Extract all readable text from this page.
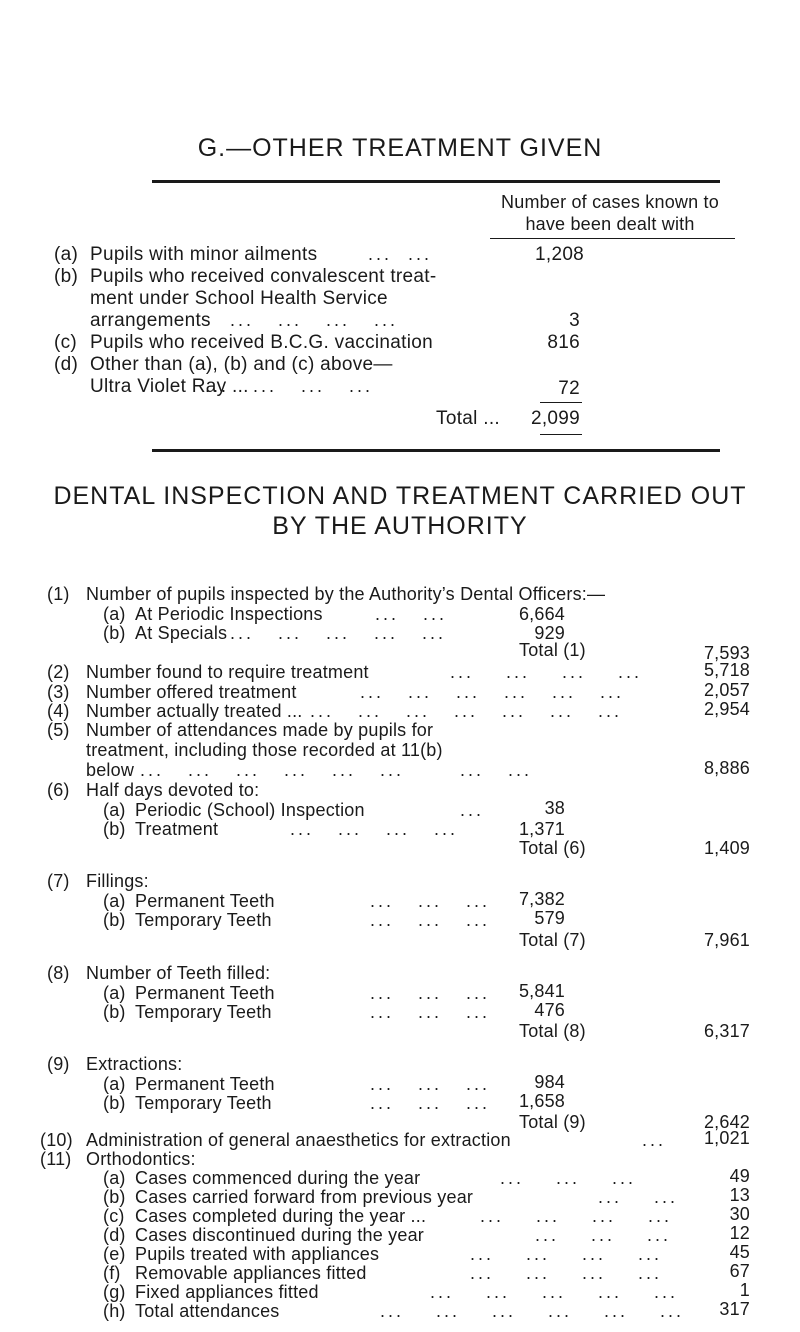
G.—OTHER TREATMENT GIVEN
Number of cases known to
have been dealt with
(a) Pupils with minor ailments	...  ...	1,208
(b) Pupils who received convalescent treat-
ment under School Health Service
arrangements ...   ...   ...   ...	3
(c) Pupils who received B.C.G. vaccination	816
(d) Other than (a), (b) and (c) above—
Ultra Violet Ray ...
...   ...   ...   ...	72
Total ...	2,099
DENTAL INSPECTION AND TREATMENT CARRIED OUT
BY THE AUTHORITY
(1) Number of pupils inspected by the Authority’s Dental Officers:—
(a) At Periodic Inspections	...   ...	6,664
(b) At Specials ...   ...   ...   ...   ...	929
Total (1)	7,593
(2) Number found to require treatment	...    ...    ...    ...	5,718
(3) Number offered treatment	...   ...   ...   ...   ...   ...	2,057
(4) Number actually treated ... ...   ...   ...   ...   ...   ...   ...	2,954
(5) Number of attendances made by pupils for
treatment, including those recorded at 11(b)
below ...   ...   ...   ...   ...   ...       ...   ...	8,886
(6) Half days devoted to:
(a) Periodic (School) Inspection	...	38
(b) Treatment	...   ...   ...   ...	1,371
Total (6)	1,409
(7) Fillings:
(a) Permanent Teeth	...   ...   ...	7,382
(b) Temporary Teeth	...   ...   ...	579
Total (7)	7,961
(8) Number of Teeth filled:
(a) Permanent Teeth	...   ...   ...	5,841
(b) Temporary Teeth	...   ...   ...	476
Total (8)	6,317
(9) Extractions:
(a) Permanent Teeth	...   ...   ...	984
(b) Temporary Teeth	...   ...   ...	1,658
Total (9)	2,642
(10) Administration of general anaesthetics for extraction	...	1,021
(11) Orthodontics:
(a) Cases commenced during the year	...    ...    ...	49
(b) Cases carried forward from previous year	...    ...	13
(c) Cases completed during the year ...	...    ...    ...    ...	30
(d) Cases discontinued during the year	...    ...    ...	12
(e) Pupils treated with appliances	...    ...    ...    ...	45
(f) Removable appliances fitted	...    ...    ...    ...	67
(g) Fixed appliances fitted	...    ...    ...    ...    ...	1
(h) Total attendances	...    ...    ...    ...    ...    ...	317
